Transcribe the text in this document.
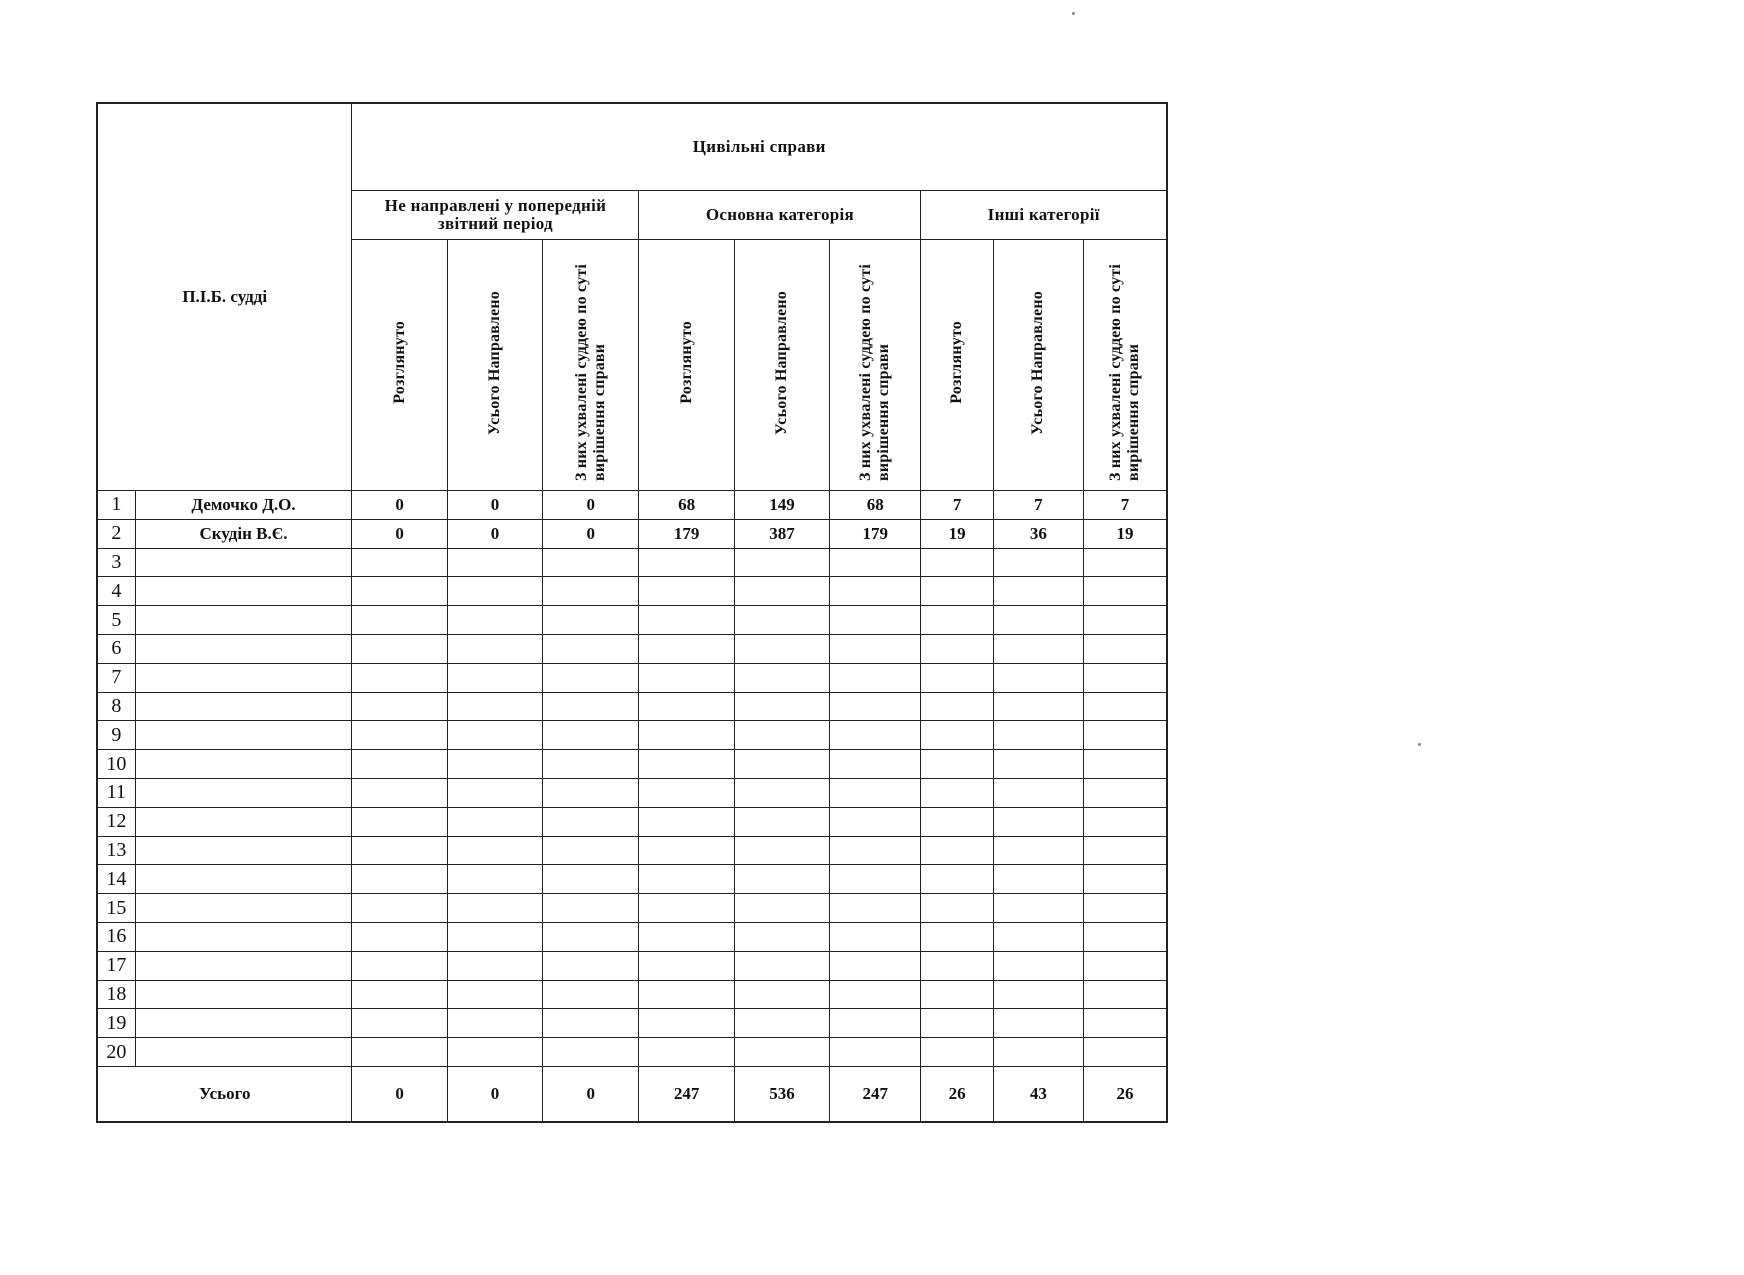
П.І.Б. судді		Цивільні справи								
		Не направлені у попередній звітний період			Основна категорія			Інші категорії		
		Розглянуто	Усього Направлено	З них ухвалені суддею по суті вирішення справи	Розглянуто	Усього Направлено	З них ухвалені суддею по суті вирішення справи	Розглянуто	Усього Направлено	З них ухвалені суддею по суті вирішення справи
1	Демочко Д.О.	0	0	0	68	149	68	7	7	7
2	Скудін В.Є.	0	0	0	179	387	179	19	36	19
3										
4										
5										
6										
7										
8										
9										
10										
11										
12										
13										
14										
15										
16										
17										
18										
19										
20										
Усього		0	0	0	247	536	247	26	43	26
